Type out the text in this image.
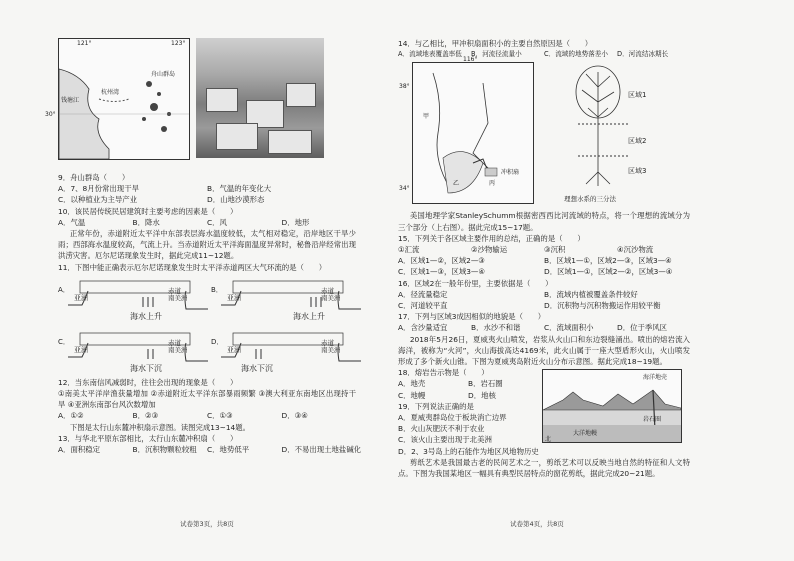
121°	123°
30°
杭州湾
舟山群岛
钱塘江
9．舟山群岛（　　）
A．7、8月份常出现干旱	B．气温的年变化大
C．以种植业为主导产业	D．山地沙漠形态
10．该民居传统民居建筑时主要考虑的因素是（　　）
A．气温	B．降水	C．风	D．地形
正常年份，赤道附近太平洋中东部表层海水温度较低，太气相对稳定，沿岸地区干旱少雨；西部海水温度较高，气流上升。当赤道附近太平洋海面温度异常时，秘鲁沿岸经常出现洪涝灾害。厄尔尼诺现象发生时，据此完成11~12题。
11．下图中能正确表示厄尔尼诺现象发生时太平洋赤道两区大气环流的是（　　）
A．
亚洲
赤道
南美洲
海水上升
B．
亚洲
赤道
南美洲
海水上升
C．
亚洲
赤道
南美洲
海水下沉
D．
亚洲
赤道
南美洲
海水下沉
12．当东南信风减弱时，往往会出现的现象是（　　）
①南美太平洋岸渔获量增加 ②赤道附近太平洋东部暴雨频繁 ③澳大利亚东南地区出现持干旱 ④亚洲东南部台风次数增加
A．①②	B．②③	C．①③	D．③④
下图是太行山东麓冲积扇示意图。读图完成13~14题。
13．与华北平原东部相比，太行山东麓冲积扇（　　）
A．面积稳定	B．沉积物颗粒较粗	C．地势低平	D．不易出现土地盐碱化
试卷第3页，共8页
14．与乙相比，甲冲积扇面积小的主要自然原因是（　　）
A．流域地表覆盖率低	B．河流径流量小	C．流域的地势落差小	D．河流结冰期长
116°
38°
34°
甲
乙	丙
冲积扇
区域1
区域2
区域3
理想水系的三分法
美国地理学家StanleySchumm根据密西西比河流域的特点，将一个理想的流域分为三个部分（上右图）。据此完成15~17题。
15．下列关于各区域主要作用的总结，正确的是（　　）
①汇流	②沙物输运	③沉积	④沉沙物流
A．区域1—②，区域2—③	B．区域1—①，区域2—③，区域3—④
C．区域1—③，区域3—④	D．区域1—①，区域2—②，区域3—④
16．区域2在一般年份里，主要依据是（　　）
A．径流量稳定	B．流域内植被覆盖条件较好
C．河道较平直	D．沉积物与沉积物搬运作用较平衡
17．下列与区域3成因相似的地貌是（　　）
A．含沙量适宜	B．水沙不和谐	C．流域面积小	D．位于季风区
2018年5月26日，夏威夷火山喷发，岩浆从火山口和东边裂缝涌出。喷出的熔岩流入海洋，被称为“火河”，火山海拔高达4169米，此火山属于一座大型盾形火山，火山喷发形成了多个新火山锥。下图为夏威夷岛附近火山分布示意图。据此完成18~19题。
18．熔岩告示物是（　　）
A．地壳	B．岩石圈
C．地幔	D．地核
19．下列说法正确的是
A．夏威夷群岛位于板块消亡边界
B．火山灰肥沃不利于农业
C．该火山主要出现于北美洲
D．2、3号岛上的石能作为地区风地物历史
海洋地壳
岩石圈
大洋地幔
北
剪纸艺术是我国最古老的民间艺术之一，剪纸艺术可以反映当地自然的特征和人文特点。下图为我国某地区一幅具有典型民居特点的窗花剪纸，据此完成20~21题。
试卷第4页，共8页
